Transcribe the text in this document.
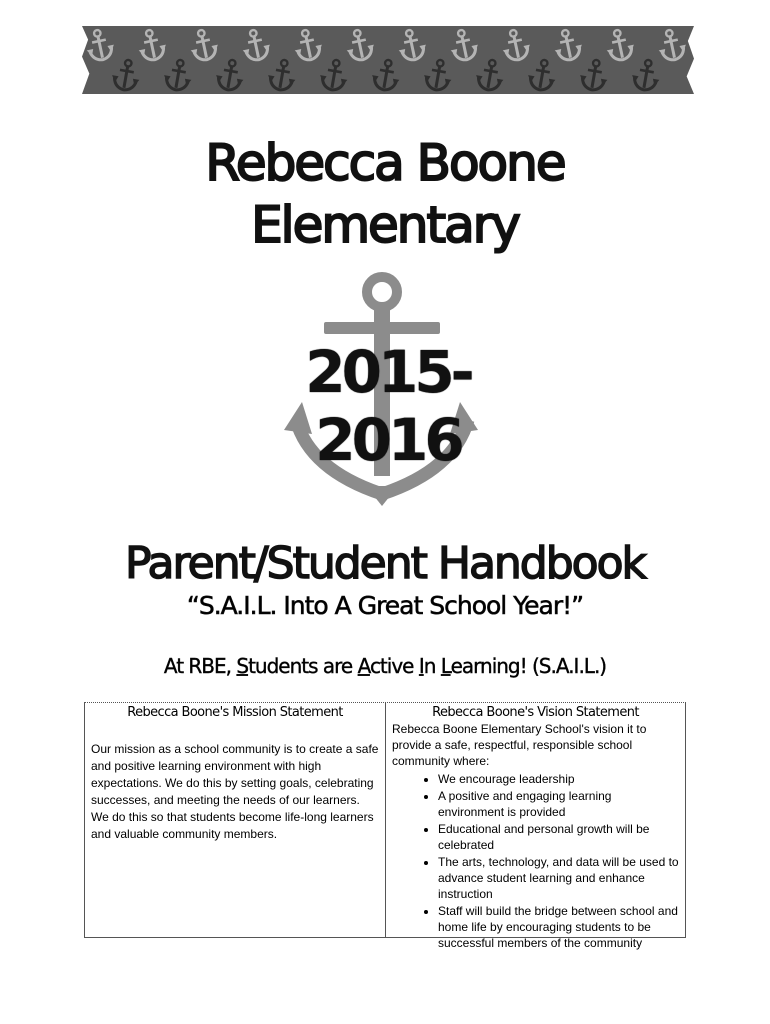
Rebecca Boone
Elementary
2015-2016
Parent/Student Handbook
“S.A.I.L. Into A Great School Year!”
At RBE, Students are Active In Learning! (S.A.I.L.)
Rebecca Boone's Mission Statement

Our mission as a school community is to create a safe and positive learning environment with high expectations. We do this by setting goals, celebrating successes, and meeting the needs of our learners. We do this so that students become life-long learners and valuable community members.

Rebecca Boone's Vision Statement

Rebecca Boone Elementary School's vision it to provide a safe, respectful, responsible school community where:

• We encourage leadership
• A positive and engaging learning environment is provided
• Educational and personal growth will be celebrated
• The arts, technology, and data will be used to advance student learning and enhance instruction
• Staff will build the bridge between school and home life by encouraging students to be successful members of the community
